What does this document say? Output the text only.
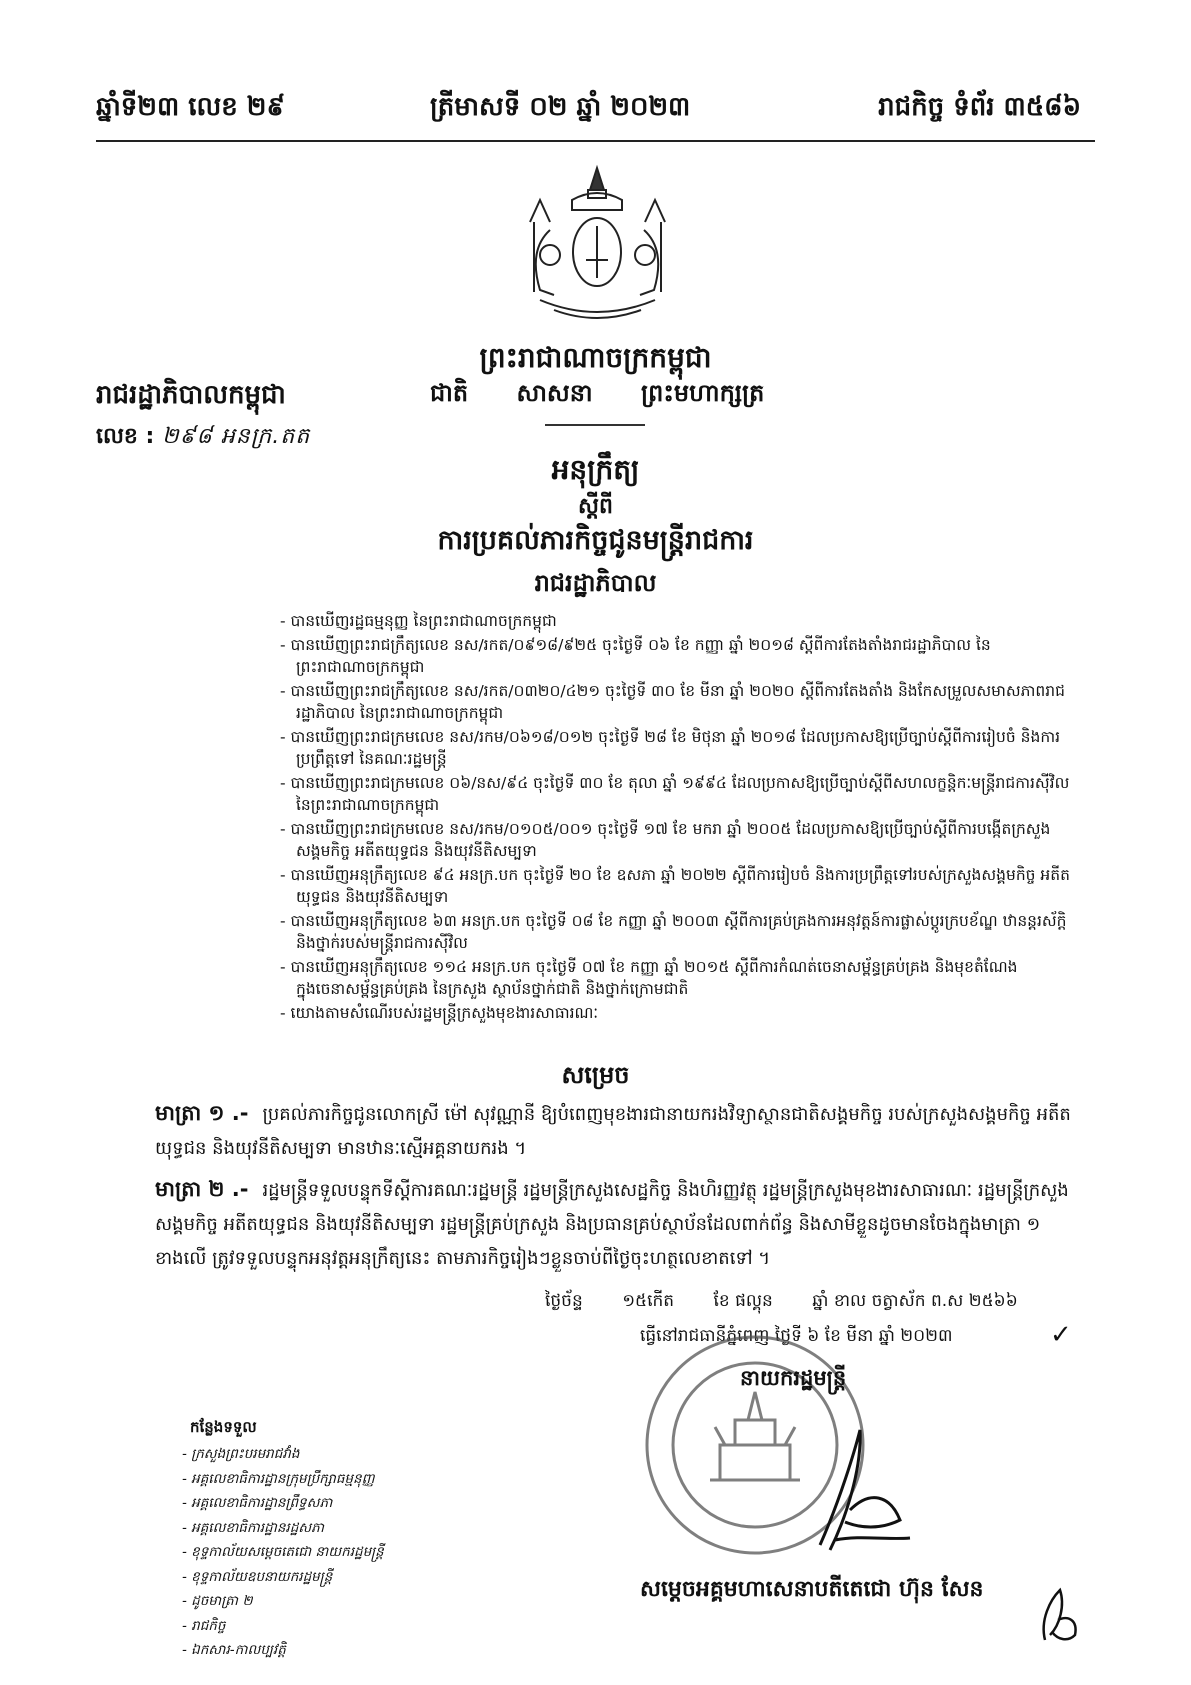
ឆ្នាំទី២៣ លេខ ២៩	ត្រីមាសទី ០២ ឆ្នាំ ២០២៣	រាជកិច្ច ទំព័រ ៣៥៨៦
ព្រះរាជាណាចក្រកម្ពុជា
ជាតិ សាសនា ព្រះមហាក្សត្រ
រាជរដ្ឋាភិបាលកម្ពុជា
លេខ : ២៩៨ អនក្រ.តត
អនុក្រឹត្យ
ស្តីពី
ការប្រគល់ភារកិច្ចជូនមន្ត្រីរាជការ
រាជរដ្ឋាភិបាល
- បានឃើញរដ្ឋធម្មនុញ្ញ នៃព្រះរាជាណាចក្រកម្ពុជា
- បានឃើញព្រះរាជក្រឹត្យលេខ នស/រកត/០៩១៨/៩២៥ ចុះថ្ងៃទី ០៦ ខែ កញ្ញា ឆ្នាំ ២០១៨ ស្តីពីការតែងតាំងរាជរដ្ឋាភិបាល នៃព្រះរាជាណាចក្រកម្ពុជា
- បានឃើញព្រះរាជក្រឹត្យលេខ នស/រកត/០៣២០/៤២១ ចុះថ្ងៃទី ៣០ ខែ មីនា ឆ្នាំ ២០២០ ស្តីពីការតែងតាំង និងកែសម្រួលសមាសភាពរាជរដ្ឋាភិបាល នៃព្រះរាជាណាចក្រកម្ពុជា
- បានឃើញព្រះរាជក្រមលេខ នស/រកម/០៦១៨/០១២ ចុះថ្ងៃទី ២៨ ខែ មិថុនា ឆ្នាំ ២០១៨ ដែលប្រកាសឱ្យប្រើច្បាប់ស្តីពីការរៀបចំ និងការប្រព្រឹត្តទៅ នៃគណៈរដ្ឋមន្ត្រី
- បានឃើញព្រះរាជក្រមលេខ ០៦/នស/៩៤ ចុះថ្ងៃទី ៣០ ខែ តុលា ឆ្នាំ ១៩៩៤ ដែលប្រកាសឱ្យប្រើច្បាប់ស្តីពីសហលក្ខន្តិកៈមន្ត្រីរាជការស៊ីវិល នៃព្រះរាជាណាចក្រកម្ពុជា
- បានឃើញព្រះរាជក្រមលេខ នស/រកម/០១០៥/០០១ ចុះថ្ងៃទី ១៧ ខែ មករា ឆ្នាំ ២០០៥ ដែលប្រកាសឱ្យប្រើច្បាប់ស្តីពីការបង្កើតក្រសួងសង្គមកិច្ច អតីតយុទ្ធជន និងយុវនីតិសម្បទា
- បានឃើញអនុក្រឹត្យលេខ ៩៤ អនក្រ.បក ចុះថ្ងៃទី ២០ ខែ ឧសភា ឆ្នាំ ២០២២ ស្តីពីការរៀបចំ និងការប្រព្រឹត្តទៅរបស់ក្រសួងសង្គមកិច្ច អតីតយុទ្ធជន និងយុវនីតិសម្បទា
- បានឃើញអនុក្រឹត្យលេខ ៦៣ អនក្រ.បក ចុះថ្ងៃទី ០៨ ខែ កញ្ញា ឆ្នាំ ២០០៣ ស្តីពីការគ្រប់គ្រងការអនុវត្តន៍ការផ្លាស់ប្តូរក្របខ័ណ្ឌ ឋានន្តរស័ក្តិ និងថ្នាក់របស់មន្ត្រីរាជការស៊ីវិល
- បានឃើញអនុក្រឹត្យលេខ ១១៤ អនក្រ.បក ចុះថ្ងៃទី ០៧ ខែ កញ្ញា ឆ្នាំ ២០១៥ ស្តីពីការកំណត់ចេនាសម្ព័ន្ធគ្រប់គ្រង និងមុខតំណែងក្នុងចេនាសម្ព័ន្ធគ្រប់គ្រង នៃក្រសួង ស្ថាប័នថ្នាក់ជាតិ និងថ្នាក់ក្រោមជាតិ
- យោងតាមសំណើរបស់រដ្ឋមន្ត្រីក្រសួងមុខងារសាធារណៈ
សម្រេច
មាត្រា ១ .- ប្រគល់ភារកិច្ចជូនលោកស្រី ម៉ៅ សុវណ្ណានី ឱ្យបំពេញមុខងារជានាយករងវិទ្យាស្ថានជាតិសង្គមកិច្ច របស់ក្រសួងសង្គមកិច្ច អតីតយុទ្ធជន និងយុវនីតិសម្បទា មានឋានៈស្មើអគ្គនាយករង ។
មាត្រា ២ .- រដ្ឋមន្ត្រីទទួលបន្ទុកទីស្តីការគណៈរដ្ឋមន្ត្រី រដ្ឋមន្ត្រីក្រសួងសេដ្ឋកិច្ច និងហិរញ្ញវត្ថុ រដ្ឋមន្ត្រីក្រសួងមុខងារសាធារណៈ រដ្ឋមន្ត្រីក្រសួងសង្គមកិច្ច អតីតយុទ្ធជន និងយុវនីតិសម្បទា រដ្ឋមន្ត្រីគ្រប់ក្រសួង និងប្រធានគ្រប់ស្ថាប័នដែលពាក់ព័ន្ធ និងសាមីខ្លួនដូចមានចែងក្នុងមាត្រា ១ ខាងលើ ត្រូវទទួលបន្ទុកអនុវត្តអនុក្រឹត្យនេះ តាមភារកិច្ចរៀងៗខ្លួនចាប់ពីថ្ងៃចុះហត្ថលេខាតទៅ ។
ថ្ងៃច័ន្ទ ១៥កើត ខែ ផល្គុន ឆ្នាំ ខាល ចត្វាស័ក ព.ស ២៥៦៦
ធ្វើនៅរាជធានីភ្នំពេញ ថ្ងៃទី ៦ ខែ មីនា ឆ្នាំ ២០២៣	✓
នាយករដ្ឋមន្ត្រី
សម្តេចអគ្គមហាសេនាបតីតេជោ ហ៊ុន សែន
កន្លែងទទួល
- ក្រសួងព្រះបរមរាជវាំង
- អគ្គលេខាធិការដ្ឋានក្រុមប្រឹក្សាធម្មនុញ្ញ
- អគ្គលេខាធិការដ្ឋានព្រឹទ្ធសភា
- អគ្គលេខាធិការដ្ឋានរដ្ឋសភា
- ខុទ្ទកាល័យសម្តេចតេជោ នាយករដ្ឋមន្ត្រី
- ខុទ្ទកាល័យឧបនាយករដ្ឋមន្ត្រី
- ដូចមាត្រា ២
- រាជកិច្ច
- ឯកសារ-កាលប្បវត្តិ
